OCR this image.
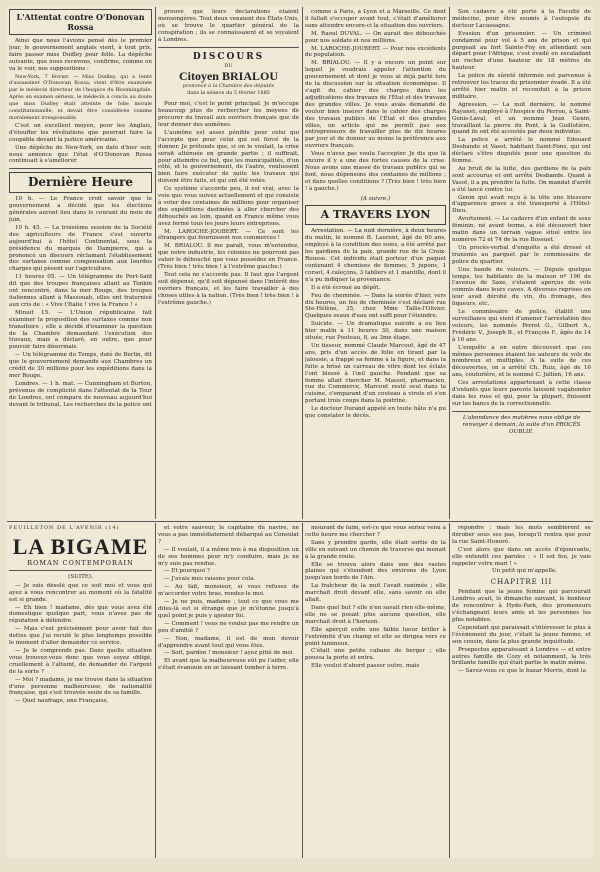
L'Attentat contre O'Donovan Rossa

Ainsi que nous l'avions pensé dès le premier jour, le gouvernement anglais vient, à tout prix, faire passer miss Dudley pour folle. La dépêche suivante, que nous recevons, confirme, comme on va le voir, nos suppositions :

New-York, 7 février. — Miss Dudley, qui a tenté d'assassiner O'Donovan Rossa, vient d'être examinée par le médecin directeur de l'hospice du Bloomingdale. Après un examen sérieux, le médecin a conclu au doute que miss Dudley était atteinte de folie morale constitutionnelle, et devait être considérée comme moralement irresponsable.

C'est un excellent moyen, pour les Anglais, d'étouffer les révélations que pourrait faire la coupable devant la justice américaine.

Une dépêche de New-York, en date d'hier soir, nous annonce que l'état d'O'Donovan Rossa continuait à s'améliorer.

Dernière Heure

10 h. — Le France croit savoir que le gouvernement a décidé que les élections générales auront lieu dans le courant du mois de juin.

10 h. 45. — La troisième session de la Société des agriculteurs de France s'est ouverte aujourd'hui à l'hôtel Continental, sous la présidence du marquis de Dampierre, qui a prononcé un discours réclamant l'établissement des surtaxes comme compensation aux lourdes charges qui pèsent sur l'agriculture.

11 heures 05. — Un télégramme de Port-Saïd dit que des troupes françaises allant au Tonkin ont rencontré, dans la mer Rouge, des troupes italiennes allant à Massouah, elles ont fraternisé aux cris de : « Vive l'Italie ! vive la France ! »

Minuit 15. — L'Union républicaine fait examiner la proposition des surtaxes comme non transitoire ; elle a décidé d'examiner la question de la Chambre demandant l'exécution des travaux, mais a déclaré, en outre, que pour pouvoir faire désormais.

— Un télégramme du Temps, daté de Berlin, dit que le gouvernement demande aux Chambres un crédit de 30 millions pour les expéditions dans la mer Rouge.

Londres. — 1 h. mat. — Cunningham et Burton, prévenus de complicité dans l'attentat de la Tour de Londres, ont comparu de nouveau aujourd'hui devant le tribunal. Les recherches de la police ont

prouvé que leurs déclarations étaient mensongères. Tout deux venaient des États-Unis, où se trouve le quartier général de la conspiration ; ils se connaissaient et se voyaient à Londres.

DISCOURS
DU
Citoyen BRIALOU
prononcé à la Chambre des députés
dans la séance du 5 février 1885

Pour moi, c'est le point principal. Je m'occupe beaucoup plus de rechercher les moyens de procurer du travail aux ouvriers français que de leur donner des aumônes.

L'aumône est assez pénible pour celui qui l'accepte que pour celui qui est forcé de la donner. Je prétends que, si on le voulait, la crise serait atténuée en grande partie ; il suffirait, pour atteindre ce but, que les municipalités, d'un côté, et le gouvernement, de l'autre, voulussent bien faire exécuter de suite les travaux qui doivent être faits, et qui ont été votés.

Ce système s'accorde peu, il est vrai, avec la voie que vous suivez actuellement et qui consiste à voter des centaines de millions pour organiser des expéditions destinées à aller chercher des débouchés au loin, quand en France même vous avez fermé tous les jours leurs entreprises.

M. LAROCHE-JOUBERT. — Ce sont les étrangers qui fournissent nos commerces !

M. BRIALOU. Il me paraît, vous m'entendez, que notre industrie, les colonies ne pourront pas valoir le débouché que vous possédez en France. (Très bien ! très bien ! à l'extrême gauche.)

Tout cela ne s'accorde pas. Il faut que l'argent soit dépensé, qu'il soit dépensé dans l'intérêt des ouvriers français, et les faire travailler à des choses utiles à la nation. (Très bien ! très bien ! à l'extrême gauche.)

comme à Paris, à Lyon et à Marseille. Ce dont il fallait s'occuper avant tout, c'était d'améliorer sans attendre encore-ci la situation des ouvriers.

M. Raoul DUVAL. — On aurait des débouchés pour nos soldats et nos millions.

M. LAROCHE-JOUBERT. — Pour nos excédents de population.

M. BRIALOU. — Il y a encore un point sur lequel je voudrais appeler l'attention du gouvernement et dont je vous ai déjà parlé lors de la discussion sur la situation économique. Il s'agit du cahier des charges dans les adjudications des travaux de l'État et des travaux des grandes villes. Je vous avais demandé de vouloir bien insérer dans le cahier des charges des travaux publics de l'État et des grandes villes, un article qui ne permît pas aux entrepreneurs de travailler plus de dix heures par jour et de donner au moins la préférence aux ouvriers français.

Vous n'avez pas voulu l'accepter. Je dis que là encore il y a une des fortes causes de la crise. Nous avons une masse de travaux publics qui se font, nous dépensons des centaines de millions ; et dans quelles conditions ? (Très bien ! très bien ! à gauche.)

(A suivre.)
A TRAVERS LYON

Arrestation. — La nuit dernière, à deux heures du matin, le nommé B. Laurent, âgé de 60 ans, employé à la condition des soies, a été arrêté par les gardiens de la paix, grande rue de la Croix-Rousse. Cet individu était porteur d'un paquet contenant 4 chemises de femmes, 5 jupons, 1 corset, 4 caleçons, 3 tabliers et 1 mantille, dont il n'a pu indiquer la provenance.

Il a été écroué au dépôt.

Feu de cheminée. — Dans la soirée d'hier, vers dix heures, un feu de cheminée s'est déclaré rue Ste-Hélène, 35, chez Mme Tallis-l'Olivier. Quelques seaux d'eau ont suffi pour l'éteindre.

Suicide. — Un dramatique suicide a eu lieu hier matin à 11 heures 30, dans une maison située, rue Pouteau, 8, au 3me étage.

Un tisseur, nommé Claude Marcout, âgé de 47 ans, pris d'un accès de folie en tirant par la jalousie, a frappé sa femme à la figure, et dans la fuite a brisé un carreau de vitre dont les éclats l'ont blessé à l'œil gauche. Pendant que sa femme allait chercher M. Massot, pharmacien, rue du Commerce, Marcout resté seul dans la cuisine, s'emparant d'un couteau à virole et s'en portant trois coups dans la poitrine.

Le docteur Durand appelé en toute hâte n'a pu que constater le décès.

Son cadavre a été porté à la Faculté de médecine, pour être soumis à l'autopsie du docteur Lacassagne.

Evasion d'un prisonnier. — Un criminel condamné pour vol à 5 ans de prison et qui purgeait au fort Sainte-Foy en attendant son départ pour l'Afrique, s'est évadé en escaladant un rocher d'une hauteur de 18 mètres de hauteur.

La police de sûreté informée est parvenue à retrouver les traces du prisonnier évadé. Il a été arrêté hier matin et reconduit à la prison militaire.

Agression. — La nuit dernière, le nommé Rayanet, employé à l'hospice du Perron, à Saint-Genis-Laval, et un nommé Jean Genin, travaillant la pierre du Pont, à la Guillotière, quand ils ont été accostés par deux individus.

La police a arrêté le nommé Edouard Desbande et Vasot, habitant Saint-Fons, qui ont déclaré s'être disputés pour une question de femme.

Au bruit de la lutte, des gardiens de la paix sont accourus et ont arrêté Desbande. Quant à Vasot, il a pu prendre la fuite. On mandat d'arrêt a été lancé contre lui.

Genin qui avait reçu à la tête une blessure d'apparence grave a été transporté à l'Hôtel-Dieu.

Avortement. — Le cadavre d'un enfant de sexe féminin, né avant terme, a été découvert hier matin dans un terrain vague situé entre les numéros 72 et 74 de la rue Bossuet.

Un procès-verbal d'enquête a été dressé et transmis au parquet par le commissaire de police du quartier.

Une bande de voleurs. — Depuis quelque temps, les habitants de la maison nº 196 de l'avenue de Saxe, s'étaient aperçus de vols commis dans leurs caves. A diverses reprises on leur avait dérobé du vin, du fromage, des liqueurs, etc.

Le commissaire de police, établit une surveillance qui vient d'amener l'arrestation des voleurs, les nommés Perrot G., Gilbert A., Frédéric V., Joseph B., et François F., âgés de 14 à 16 ans.

L'enquête a en outre découvert que ces mêmes personnes étaient les auteurs de vols de nombreux et multiples. A la suite de ces découvertes, on a arrêté Ch. Ruiz, âgé de 16 ans, couturière, et le nommé C. Jullien, 16 ans.

Ces arrestations appartenant à cette classe d'enfants que leurs parents laissent vagabonder dans les rues et qui, pour la plupart, finissent sur les bancs de la correctionnelle.

L'abondance des matières nous oblige de renvoyer à demain, la suite d'un PROCÈS OUBLIÉ.

FEUILLETON DE L'AVENIR (14)
LA BIGAME
ROMAN CONTEMPORAIN
(SUITE).

— Je suis désolé que ce soit moi et vous qui ayez à vous rencontrer au moment où la fatalité est si grande.

— Eh bien ! madame, dès que vous avez été domestique quelque part, vous n'avez pas de réputation à défendre.

— Mais c'est précisément pour avoir fait des dettes que j'ai reculé le plus longtemps possible le moment d'aller demander ce service.

— Je le comprends pas. Dans quelle situation vous trouvez-vous donc que vous soyez obligé, cruellement à l'atteint, de demander de l'argent de la sorte ?

— Moi ? madame, je me trouve dans la situation d'une personne malheureuse, de nationalité française, qui s'est trouvée seule de sa famille.

— Quel naufrage, une Française,

et votre sauveur, le capitaine du navire, ne vous a pas immédiatement débarqué au Consulat ?

— Il voulait, il a même mis à ma disposition un de ses hommes pour m'y conduire, mais je ne m'y suis pas rendue.

— Et pourquoi ?

— J'avais mes raisons pour cela.

— Au fait, monsieur, si vous refusez de m'accorder votre bras, rendez-le moi.

— Je ne puis, madame ; tout ce que vous me dites-là est si étrange que je m'étonne jusqu'à quel point je puis y ajouter foi.

— Comment ! vous ne voulez pas me rendre un peu d'amitié ?

— Non, madame, il est de mon devoir d'apprendre avant tout qui vous êtes.

— Soit, pardon ! monsieur ! ayez pitié de moi.

Et avant que la malheureuse eût pu l'aider, elle s'était évanouie en se laissant tomber à terre.

mourant de faim, est-ce que vous seriez venu à cette heure me chercher ?

Sans y prendre garde, elle était sortie de la ville en suivant un chemin de traverse qui menait à la grande route.

Elle se trouva alors dans une des vastes plaines qui s'étendent des environs de Lyon jusqu'aux bords de l'Ain.

La fraîcheur de la nuit l'avait ranimée ; elle marchait droit devant elle, sans savoir où elle allait.

Dans quel but ? elle n'en savait rien elle-même, elle ne se posait plus aucune question, elle marchait droit à l'horizon.

Elle aperçut enfin une faible lueur briller à l'extrémité d'un champ et elle se dirigea vers ce point lumineux.

C'était une petite cabane de berger ; elle poussa la porte et entra.

Elle voulut d'abord passer outre, mais

répondre ; mais les mots semblèrent se dérober sous ses pas, lorsqu'il rentra que pour la rue Saint-Honoré.

C'est alors que dans un accès d'épouvante, elle entendit ces paroles : « Il est fou, je vais rappeler votre mari ! »

Un petit qui m'appelle.

CHAPITRE III

Pendant que la jeune femme qui parcourait Londres avait, le dimanche suivant, le bonheur de rencontrer à Hyde-Park, des promeneurs s'échangeant leurs amis et les personnes les plus notables.

Cependant qui paraissait s'intéresser le plus à l'événement du jour, c'était la jeune femme, et son cousin, dans la plus grande inquiétude.

Prospectus apparaissant à Londres — et entre autres famille de Cozy et notamment, la très brillante famille qui était partie le matin même.

— Savez-vous ce que le bazar Morris, dont la
